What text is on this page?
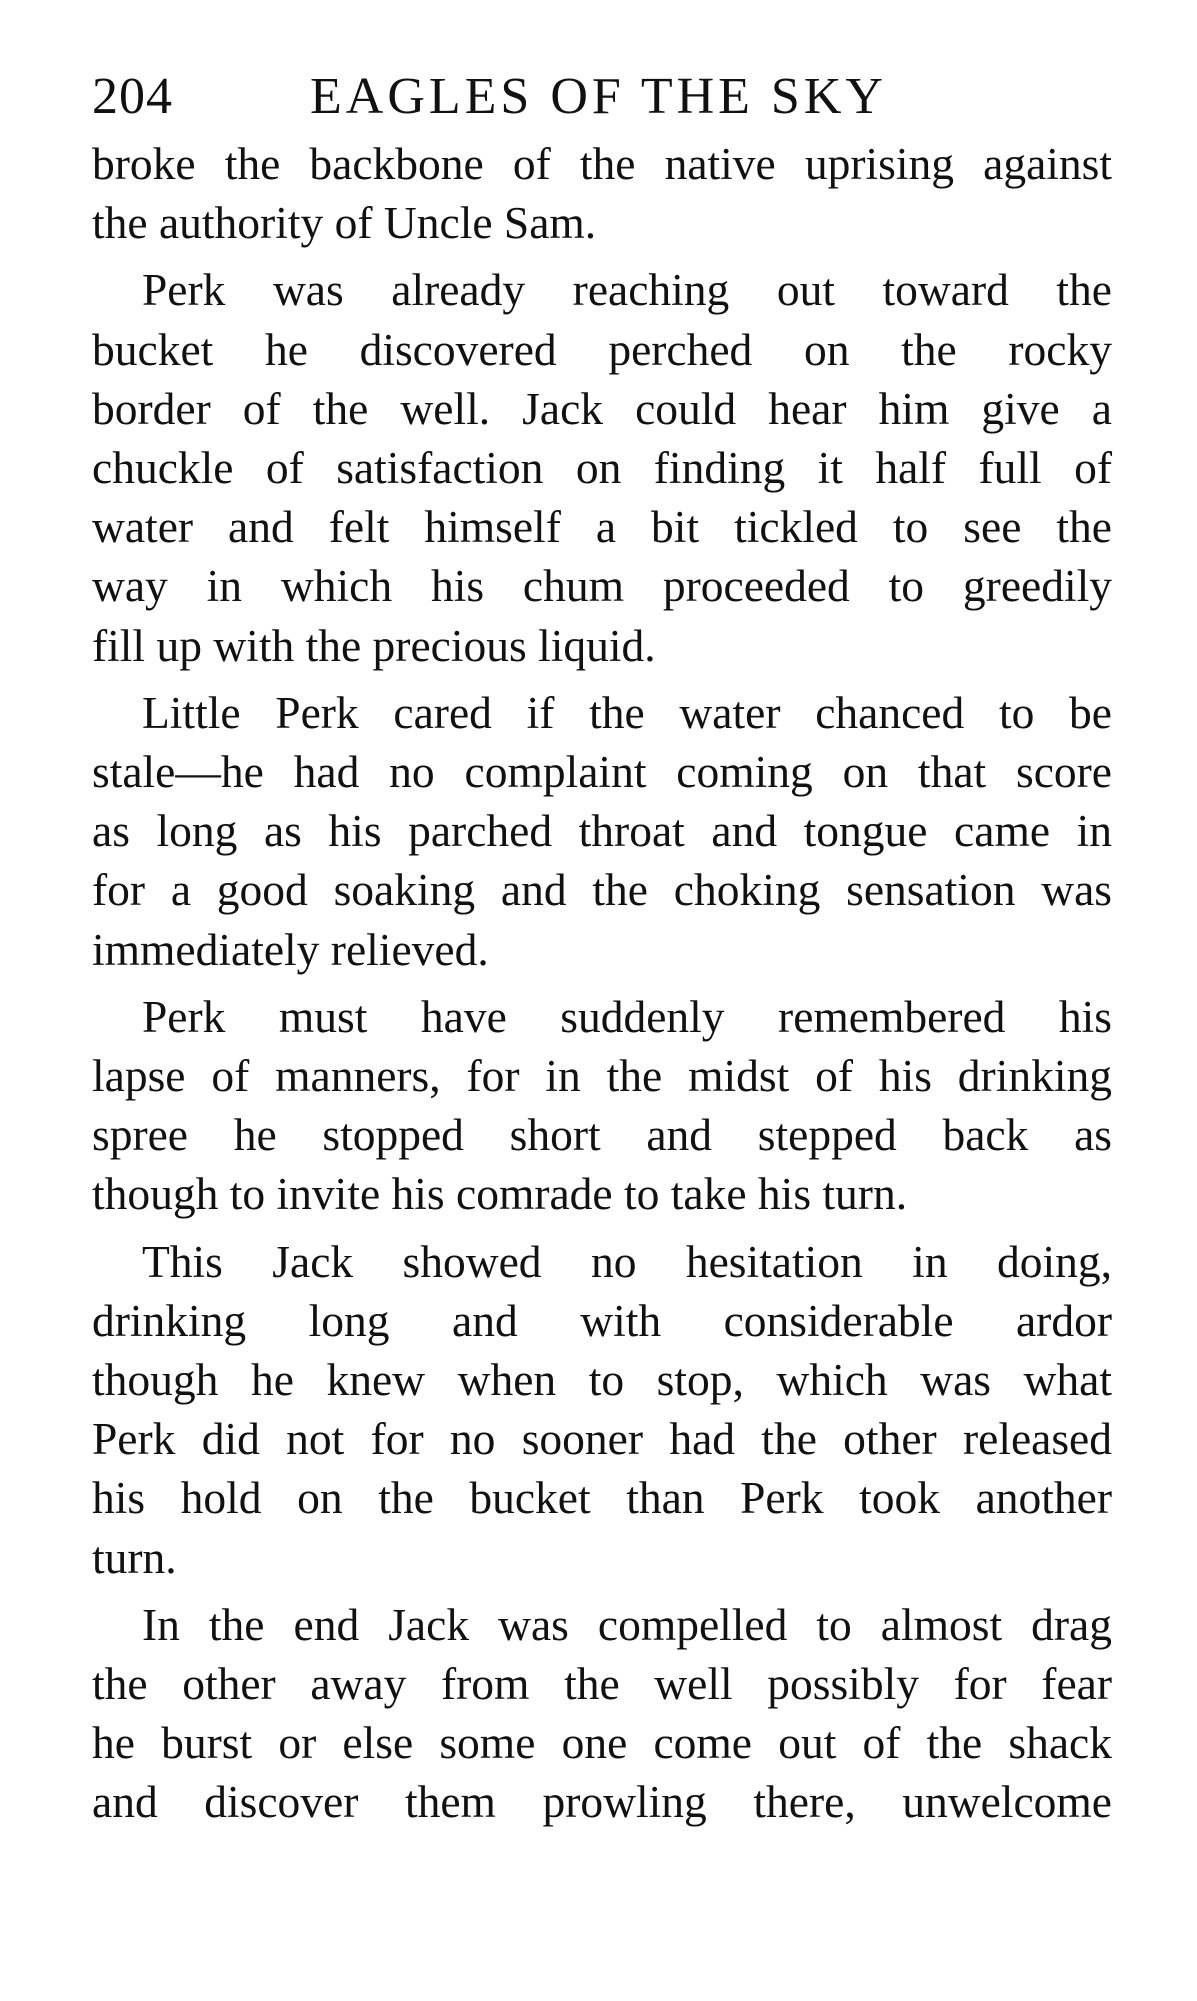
204	EAGLES OF THE SKY

broke the backbone of the native uprising against
the authority of Uncle Sam.

Perk was already reaching out toward the
bucket he discovered perched on the rocky
border of the well. Jack could hear him give a
chuckle of satisfaction on finding it half full of
water and felt himself a bit tickled to see the
way in which his chum proceeded to greedily
fill up with the precious liquid.

Little Perk cared if the water chanced to be
stale—he had no complaint coming on that score
as long as his parched throat and tongue came in
for a good soaking and the choking sensation was
immediately relieved.

Perk must have suddenly remembered his
lapse of manners, for in the midst of his drinking
spree he stopped short and stepped back as
though to invite his comrade to take his turn.

This Jack showed no hesitation in doing,
drinking long and with considerable ardor
though he knew when to stop, which was what
Perk did not for no sooner had the other released
his hold on the bucket than Perk took another
turn.

In the end Jack was compelled to almost drag
the other away from the well possibly for fear
he burst or else some one come out of the shack
and discover them prowling there, unwelcome
